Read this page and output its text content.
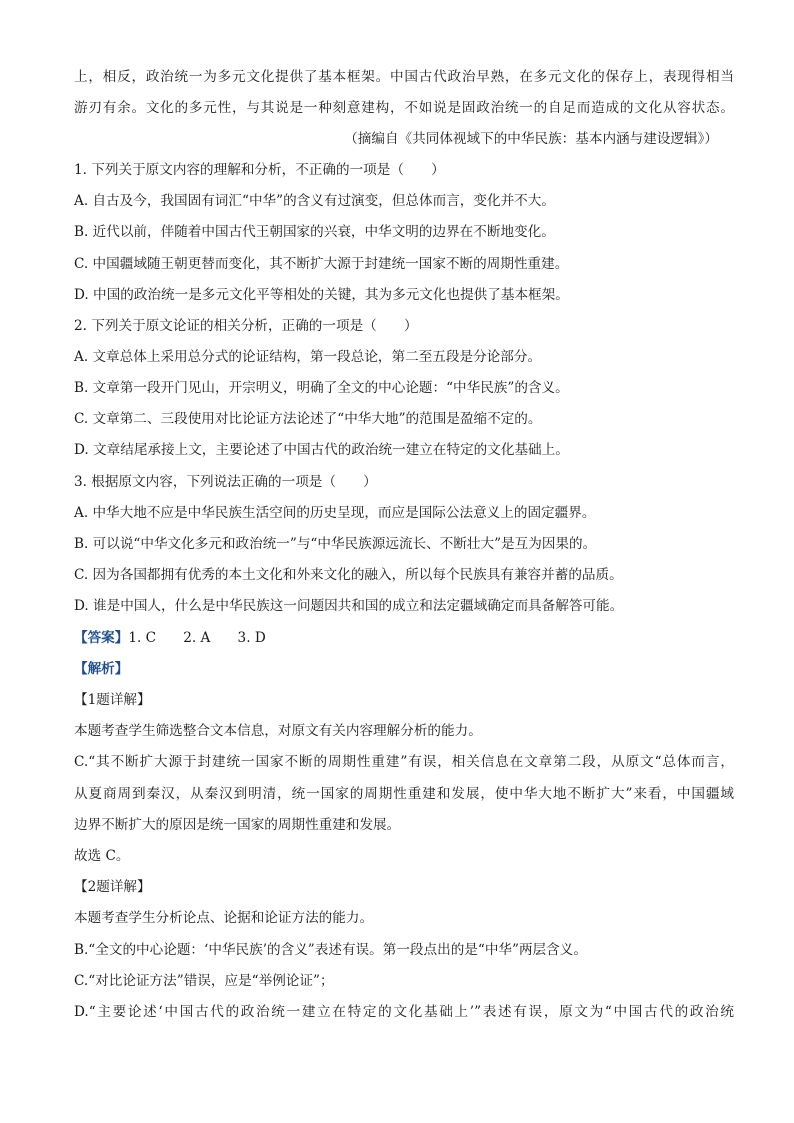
上，相反，政治统一为多元文化提供了基本框架。中国古代政治早熟，在多元文化的保存上，表现得相当
游刃有余。文化的多元性，与其说是一种刻意建构，不如说是固政治统一的自足而造成的文化从容状态。
（摘编自《共同体视域下的中华民族：基本内涵与建设逻辑》）
1. 下列关于原文内容的理解和分析，不正确的一项是（　　）
A. 自古及今，我国固有词汇“中华”的含义有过演变，但总体而言，变化并不大。
B. 近代以前，伴随着中国古代王朝国家的兴衰，中华文明的边界在不断地变化。
C. 中国疆域随王朝更替而变化，其不断扩大源于封建统一国家不断的周期性重建。
D. 中国的政治统一是多元文化平等相处的关键，其为多元文化也提供了基本框架。
2. 下列关于原文论证的相关分析，正确的一项是（　　）
A. 文章总体上采用总分式的论证结构，第一段总论，第二至五段是分论部分。
B. 文章第一段开门见山，开宗明义，明确了全文的中心论题：“中华民族”的含义。
C. 文章第二、三段使用对比论证方法论述了“中华大地”的范围是盈缩不定的。
D. 文章结尾承接上文，主要论述了中国古代的政治统一建立在特定的文化基础上。
3. 根据原文内容，下列说法正确的一项是（　　）
A. 中华大地不应是中华民族生活空间的历史呈现，而应是国际公法意义上的固定疆界。
B. 可以说“中华文化多元和政治统一”与“中华民族源远流长、不断壮大”是互为因果的。
C. 因为各国都拥有优秀的本土文化和外来文化的融入，所以每个民族具有兼容并蓄的品质。
D. 谁是中国人，什么是中华民族这一问题因共和国的成立和法定疆域确定而具备解答可能。
【答案】1. C　　2. A　　3. D
【解析】
【1题详解】
本题考查学生筛选整合文本信息，对原文有关内容理解分析的能力。
C.“其不断扩大源于封建统一国家不断的周期性重建”有误，相关信息在文章第二段，从原文“总体而言，
从夏商周到秦汉，从秦汉到明清，统一国家的周期性重建和发展，使中华大地不断扩大”来看，中国疆域
边界不断扩大的原因是统一国家的周期性重建和发展。
故选 C。
【2题详解】
本题考查学生分析论点、论据和论证方法的能力。
B.“全文的中心论题：‘中华民族’的含义”表述有误。第一段点出的是“中华”两层含义。
C.“对比论证方法”错误，应是“举例论证”；
D.“主要论述‘中国古代的政治统一建立在特定的文化基础上’”表述有误，原文为“中国古代的政治统
